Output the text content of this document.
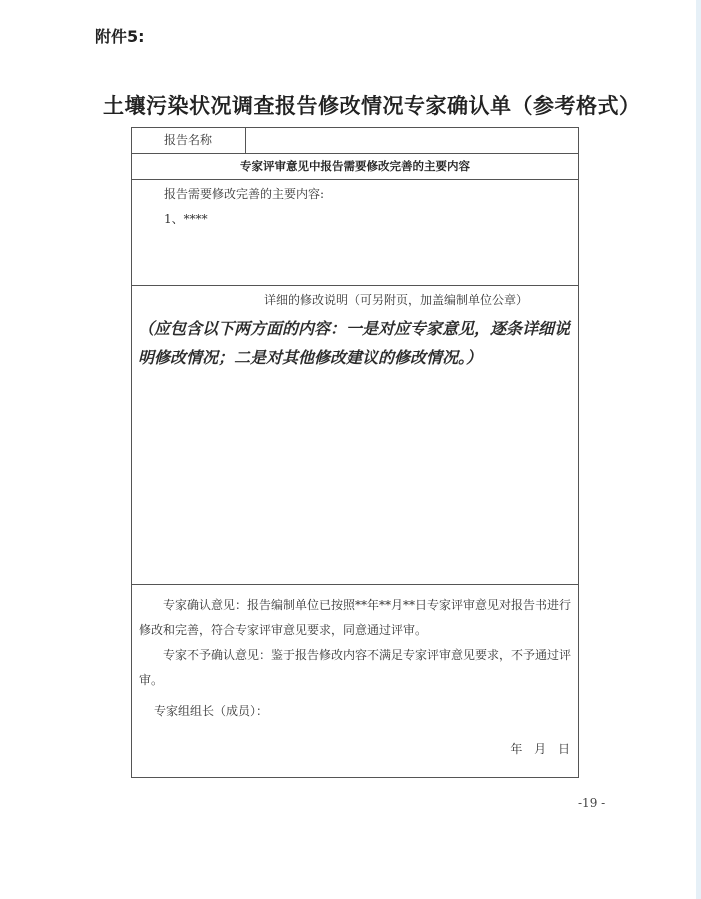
附件5:
土壤污染状况调查报告修改情况专家确认单（参考格式）
报告名称
专家评审意见中报告需要修改完善的主要内容
报告需要修改完善的主要内容:
1、****
详细的修改说明（可另附页，加盖编制单位公章）
（应包含以下两方面的内容：一是对应专家意见，逐条详细说明修改情况；二是对其他修改建议的修改情况。）
专家确认意见：报告编制单位已按照**年**月**日专家评审意见对报告书进行修改和完善，符合专家评审意见要求，同意通过评审。
专家不予确认意见：鉴于报告修改内容不满足专家评审意见要求，不予通过评审。
专家组组长（成员）：
年 月 日
-19 -
